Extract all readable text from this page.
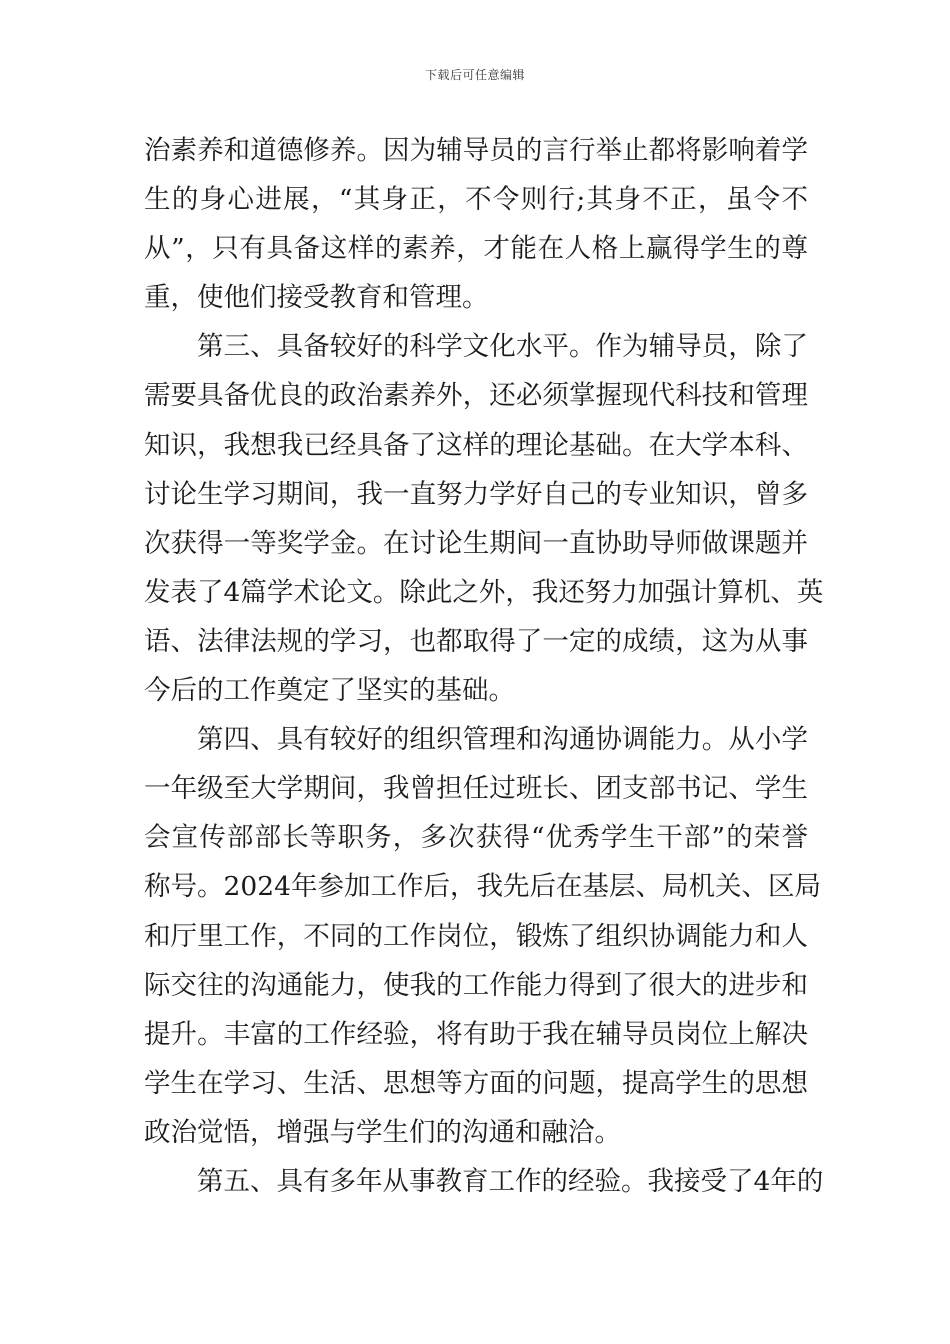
下载后可任意编辑
治素养和道德修养。因为辅导员的言行举止都将影响着学
生的身心进展，“其身正，不令则行;其身不正，虽令不
从”，只有具备这样的素养，才能在人格上赢得学生的尊
重，使他们接受教育和管理。
第三、具备较好的科学文化水平。作为辅导员，除了
需要具备优良的政治素养外，还必须掌握现代科技和管理
知识，我想我已经具备了这样的理论基础。在大学本科、
讨论生学习期间，我一直努力学好自己的专业知识，曾多
次获得一等奖学金。在讨论生期间一直协助导师做课题并
发表了4篇学术论文。除此之外，我还努力加强计算机、英
语、法律法规的学习，也都取得了一定的成绩，这为从事
今后的工作奠定了坚实的基础。
第四、具有较好的组织管理和沟通协调能力。从小学
一年级至大学期间，我曾担任过班长、团支部书记、学生
会宣传部部长等职务，多次获得“优秀学生干部”的荣誉
称号。2024年参加工作后，我先后在基层、局机关、区局
和厅里工作，不同的工作岗位，锻炼了组织协调能力和人
际交往的沟通能力，使我的工作能力得到了很大的进步和
提升。丰富的工作经验，将有助于我在辅导员岗位上解决
学生在学习、生活、思想等方面的问题，提高学生的思想
政治觉悟，增强与学生们的沟通和融洽。
第五、具有多年从事教育工作的经验。我接受了4年的
